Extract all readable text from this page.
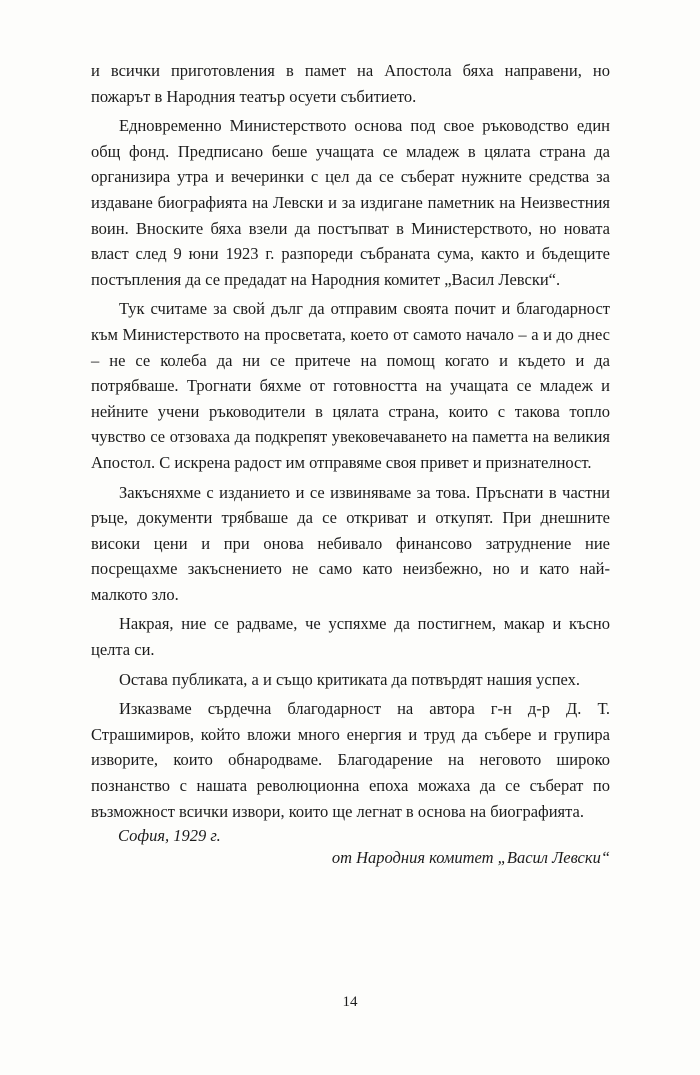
и всички приготовления в памет на Апостола бяха направени, но пожарът в Народния театър осуети събитието.

Едновременно Министерството основа под свое ръководство един общ фонд. Предписано беше учащата се младеж в цялата страна да организира утра и вечеринки с цел да се съберат нужните средства за издаване биографията на Левски и за издигане паметник на Неизвестния воин. Вноските бяха взели да постъпват в Министерството, но новата власт след 9 юни 1923 г. разпореди събраната сума, както и бъдещите постъпления да се предадат на Народния комитет „Васил Левски“.

Тук считаме за свой дълг да отправим своята почит и благодарност към Министерството на просветата, което от самото начало – а и до днес – не се колеба да ни се притече на помощ когато и където и да потрябваше. Трогнати бяхме от готовността на учащата се младеж и нейните учени ръководители в цялата страна, които с такова топло чувство се отзоваха да подкрепят увековечаването на паметта на великия Апостол. С искрена радост им отправяме своя привет и признателност.

Закъсняхме с изданието и се извиняваме за това. Пръснати в частни ръце, документи трябваше да се откриват и откупят. При днешните високи цени и при онова небивало финансово затруднение ние посрещахме закъснението не само като неизбежно, но и като най-малкото зло.

Накрая, ние се радваме, че успяхме да постигнем, макар и късно целта си.

Остава публиката, а и също критиката да потвърдят нашия успех.

Изказваме сърдечна благодарност на автора г-н д-р Д. Т. Страшимиров, който вложи много енергия и труд да събере и групира изворите, които обнародваме. Благодарение на неговото широко познанство с нашата революционна епоха можаха да се съберат по възможност всички извори, които ще легнат в основа на биографията.

София, 1929 г.

от Народния комитет „Васил Левски“

14
